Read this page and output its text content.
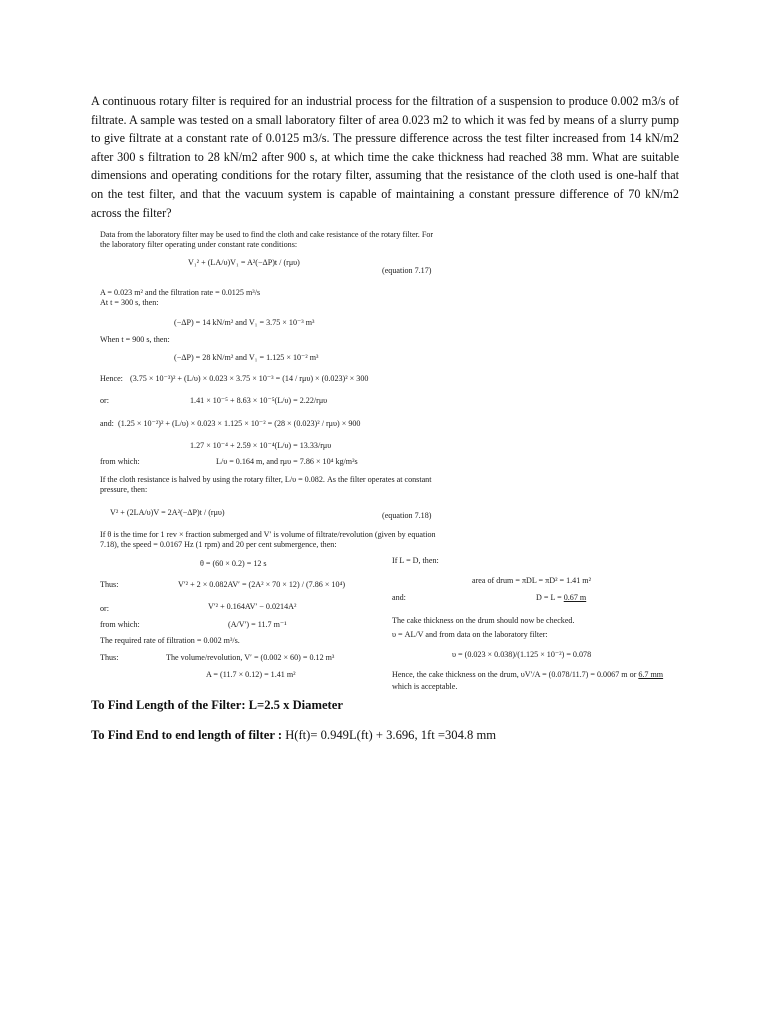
A continuous rotary filter is required for an industrial process for the filtration of a suspension to produce 0.002 m3/s of filtrate. A sample was tested on a small laboratory filter of area 0.023 m2 to which it was fed by means of a slurry pump to give filtrate at a constant rate of 0.0125 m3/s. The pressure difference across the test filter increased from 14 kN/m2 after 300 s filtration to 28 kN/m2 after 900 s, at which time the cake thickness had reached 38 mm. What are suitable dimensions and operating conditions for the rotary filter, assuming that the resistance of the cloth used is one-half that on the test filter, and that the vacuum system is capable of maintaining a constant pressure difference of 70 kN/m2 across the filter?

Data from the laboratory filter may be used to find the cloth and cake resistance of the rotary filter. For the laboratory filter operating under constant rate conditions:
V₁² + (LA/υ)V₁ = A²(−ΔP)t / (rμυ)
(equation 7.17)
A = 0.023 m² and the filtration rate = 0.0125 m³/s
At t = 300 s, then:
(−ΔP) = 14 kN/m² and V₁ = 3.75 × 10⁻³ m³
When t = 900 s, then:
(−ΔP) = 28 kN/m² and V₁ = 1.125 × 10⁻² m³
Hence: (3.75 × 10⁻³)² + (L/υ) × 0.023 × 3.75 × 10⁻³ = (14 / rμυ) × (0.023)² × 300
or:	1.41 × 10⁻⁵ + 8.63 × 10⁻⁵(L/υ) = 2.22/rμυ
and: (1.25 × 10⁻²)² + (L/υ) × 0.023 × 1.125 × 10⁻² = (28 × (0.023)² / rμυ) × 900
1.27 × 10⁻⁴ + 2.59 × 10⁻⁴(L/υ) = 13.33/rμυ
from which:	L/υ = 0.164 m, and rμυ = 7.86 × 10⁴ kg/m²s
If the cloth resistance is halved by using the rotary filter, L/υ = 0.082. As the filter operates at constant pressure, then:
V² + (2LA/υ)V = 2A²(−ΔP)t / (rμυ)	(equation 7.18)
If θ is the time for 1 rev × fraction submerged and V′ is volume of filtrate/revolution (given by equation 7.18), the speed = 0.0167 Hz (1 rpm) and 20 per cent submergence, then:
θ = (60 × 0.2) = 12 s
Thus:	V′² + 2 × 0.082AV′ = (2A² × 70 × 12) / (7.86 × 10⁴)
or:	V′² + 0.164AV′ − 0.0214A²
from which:	(A/V′) = 11.7 m⁻¹
The required rate of filtration = 0.002 m³/s.
Thus:	The volume/revolution, V′ = (0.002 × 60) = 0.12 m³
A = (11.7 × 0.12) = 1.41 m²
If L = D, then:
area of drum = πDL = πD² = 1.41 m²
and:	D = L = 0.67 m
The cake thickness on the drum should now be checked.
υ = AL/V and from data on the laboratory filter:
υ = (0.023 × 0.038)/(1.125 × 10⁻²) = 0.078
Hence, the cake thickness on the drum, υV′/A = (0.078/11.7) = 0.0067 m or 6.7 mm
which is acceptable.
To Find Length of the Filter: L=2.5 x Diameter
To Find End to end length of filter : H(ft)= 0.949L(ft) + 3.696, 1ft =304.8 mm
